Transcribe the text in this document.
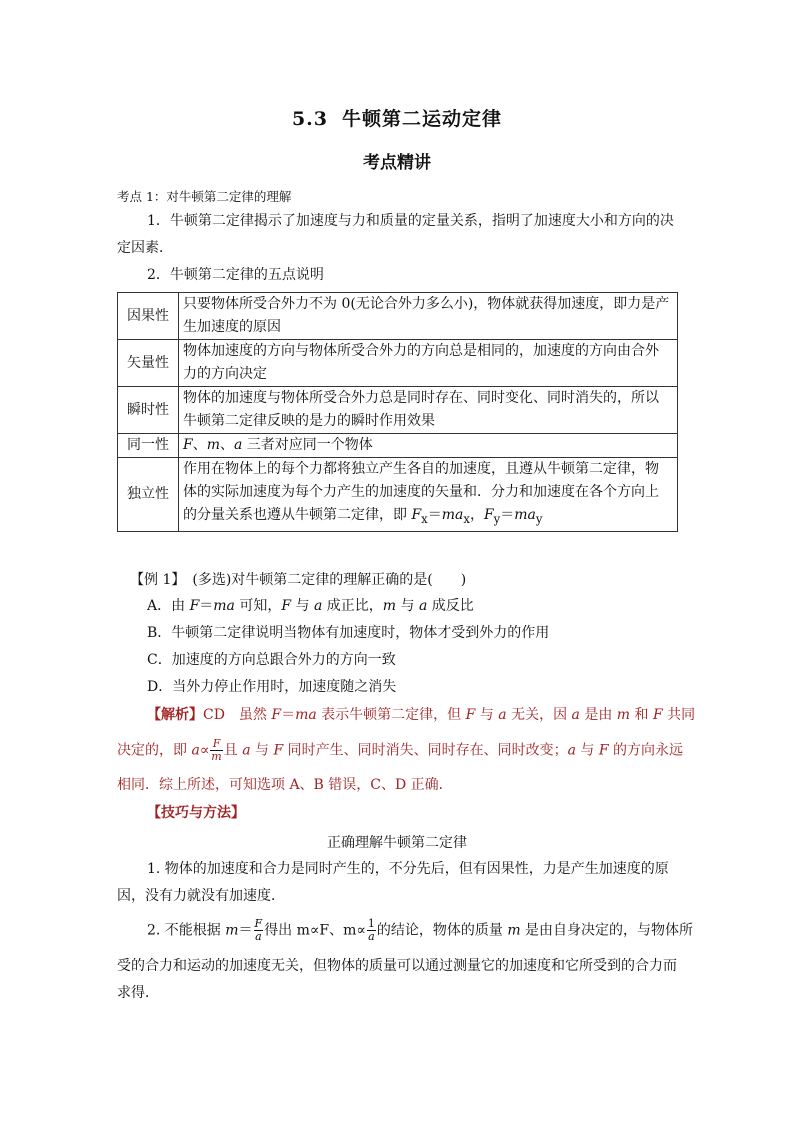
5.3 牛顿第二运动定律
考点精讲
考点 1：对牛顿第二定律的理解
1．牛顿第二定律揭示了加速度与力和质量的定量关系，指明了加速度大小和方向的决
定因素．
2．牛顿第二定律的五点说明
因果性	只要物体所受合外力不为 0(无论合外力多么小)，物体就获得加速度，即力是产
生加速度的原因

矢量性	物体加速度的方向与物体所受合外力的方向总是相同的，加速度的方向由合外
力的方向决定

瞬时性	物体的加速度与物体所受合外力总是同时存在、同时变化、同时消失的，所以
牛顿第二定律反映的是力的瞬时作用效果

同一性	F、m、a 三者对应同一个物体
独立性	作用在物体上的每个力都将独立产生各自的加速度，且遵从牛顿第二定律，物
体的实际加速度为每个力产生的加速度的矢量和．分力和加速度在各个方向上
的分量关系也遵从牛顿第二定律，即 $F_x=ma_x$，$F_y=ma_y$
【例 1】　(多选)对牛顿第二定律的理解正确的是(　　)
A．由 F＝ma 可知，F 与 a 成正比，m 与 a 成反比
B．牛顿第二定律说明当物体有加速度时，物体才受到外力的作用
C．加速度的方向总跟合外力的方向一致
D．当外力停止作用时，加速度随之消失
【解析】CD　虽然 F＝ma 表示牛顿第二定律，但 F 与 a 无关，因 a 是由 m 和 F 共同
决定的，即 $a\propto \frac{F}{m}$ 且 a 与 F 同时产生、同时消失、同时存在、同时改变；a 与 F 的方向永远
相同．综上所述，可知选项 A、B 错误，C、D 正确．
【技巧与方法】
正确理解牛顿第二定律
1. 物体的加速度和合力是同时产生的，不分先后，但有因果性，力是产生加速度的原
因，没有力就没有加速度．
2. 不能根据 $m= \frac{F}{a}$ 得出 m∝F、$m\propto \frac{1}{a}$ 的结论，物体的质量 m 是由自身决定的，与物体所
受的合力和运动的加速度无关，但物体的质量可以通过测量它的加速度和它所受到的合力而
求得．
